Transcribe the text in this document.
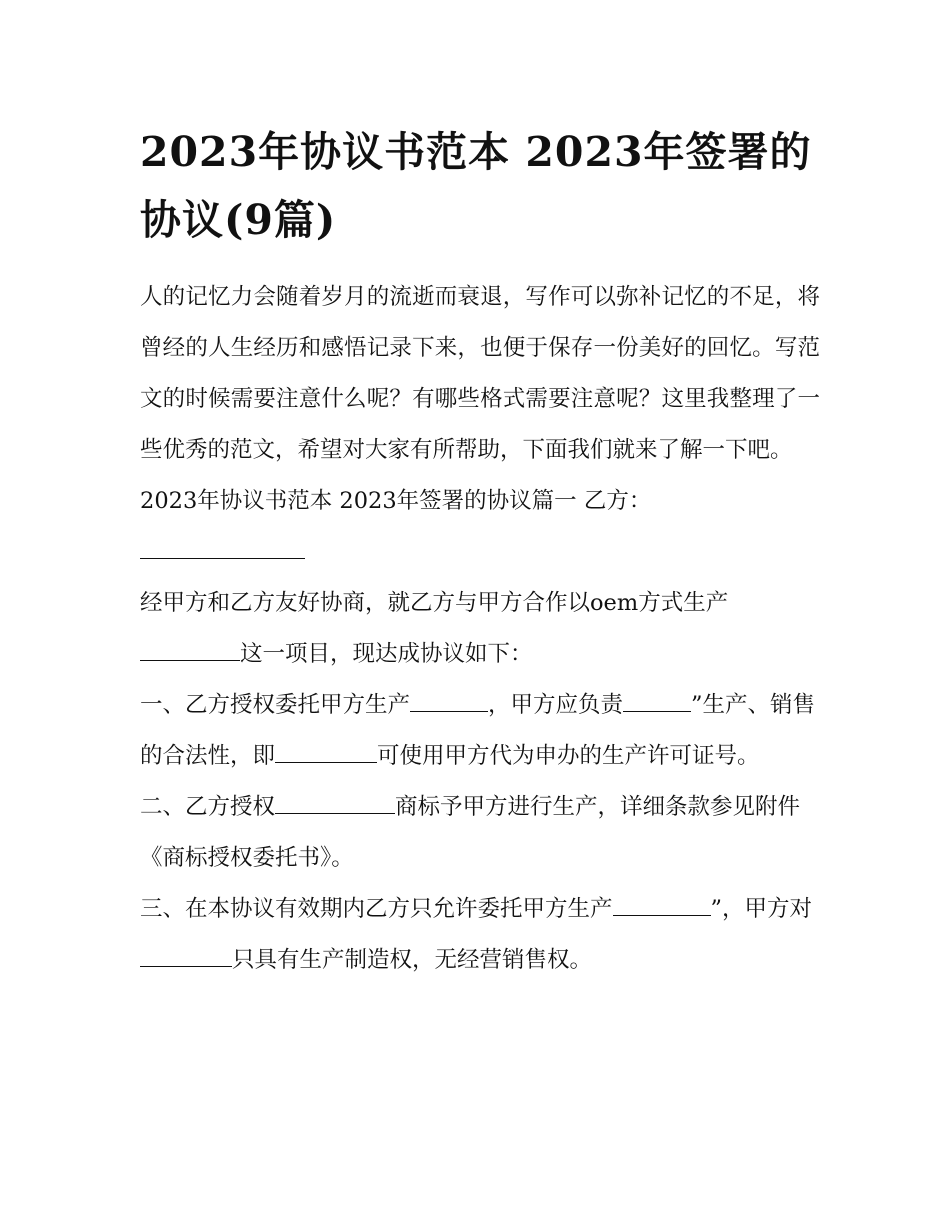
2023年协议书范本 2023年签署的协议(9篇)

人的记忆力会随着岁月的流逝而衰退，写作可以弥补记忆的不足，将曾经的人生经历和感悟记录下来，也便于保存一份美好的回忆。写范文的时候需要注意什么呢？有哪些格式需要注意呢？这里我整理了一些优秀的范文，希望对大家有所帮助，下面我们就来了解一下吧。

2023年协议书范本 2023年签署的协议篇一 乙方：

经甲方和乙方友好协商，就乙方与甲方合作以oem方式生产
这一项目，现达成协议如下：

一、乙方授权委托甲方生产	，甲方应负责	”生产、销售的合法性，即	可使用甲方代为申办的生产许可证号。

二、乙方授权	商标予甲方进行生产，详细条款参见附件《商标授权委托书》。

三、在本协议有效期内乙方只允许委托甲方生产	”，甲方对只具有生产制造权，无经营销售权。
